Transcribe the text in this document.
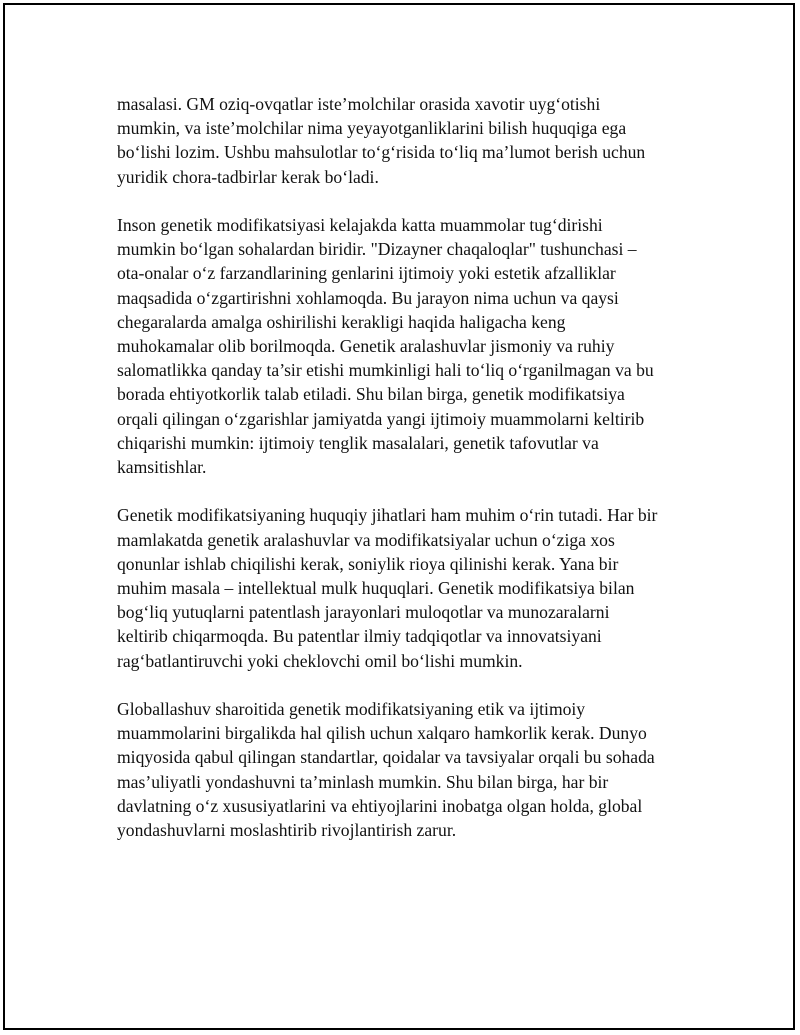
masalasi. GM oziq-ovqatlar iste’molchilar orasida xavotir uyg‘otishi
mumkin, va iste’molchilar nima yeyayotganliklarini bilish huquqiga ega
bo‘lishi lozim. Ushbu mahsulotlar to‘g‘risida to‘liq ma’lumot berish uchun
yuridik chora-tadbirlar kerak bo‘ladi.

Inson genetik modifikatsiyasi kelajakda katta muammolar tug‘dirishi
mumkin bo‘lgan sohalardan biridir. "Dizayner chaqaloqlar" tushunchasi –
ota-onalar o‘z farzandlarining genlarini ijtimoiy yoki estetik afzalliklar
maqsadida o‘zgartirishni xohlamoqda. Bu jarayon nima uchun va qaysi
chegaralarda amalga oshirilishi kerakligi haqida haligacha keng
muhokamalar olib borilmoqda. Genetik aralashuvlar jismoniy va ruhiy
salomatlikka qanday ta’sir etishi mumkinligi hali to‘liq o‘rganilmagan va bu
borada ehtiyotkorlik talab etiladi. Shu bilan birga, genetik modifikatsiya
orqali qilingan o‘zgarishlar jamiyatda yangi ijtimoiy muammolarni keltirib
chiqarishi mumkin: ijtimoiy tenglik masalalari, genetik tafovutlar va
kamsitishlar.

Genetik modifikatsiyaning huquqiy jihatlari ham muhim o‘rin tutadi. Har bir
mamlakatda genetik aralashuvlar va modifikatsiyalar uchun o‘ziga xos
qonunlar ishlab chiqilishi kerak, soniylik rioya qilinishi kerak. Yana bir
muhim masala – intellektual mulk huquqlari. Genetik modifikatsiya bilan
bog‘liq yutuqlarni patentlash jarayonlari muloqotlar va munozaralarni
keltirib chiqarmoqda. Bu patentlar ilmiy tadqiqotlar va innovatsiyani
rag‘batlantiruvchi yoki cheklovchi omil bo‘lishi mumkin.

Globallashuv sharoitida genetik modifikatsiyaning etik va ijtimoiy
muammolarini birgalikda hal qilish uchun xalqaro hamkorlik kerak. Dunyo
miqyosida qabul qilingan standartlar, qoidalar va tavsiyalar orqali bu sohada
mas’uliyatli yondashuvni ta’minlash mumkin. Shu bilan birga, har bir
davlatning o‘z xususiyatlarini va ehtiyojlarini inobatga olgan holda, global
yondashuvlarni moslashtirib rivojlantirish zarur.
